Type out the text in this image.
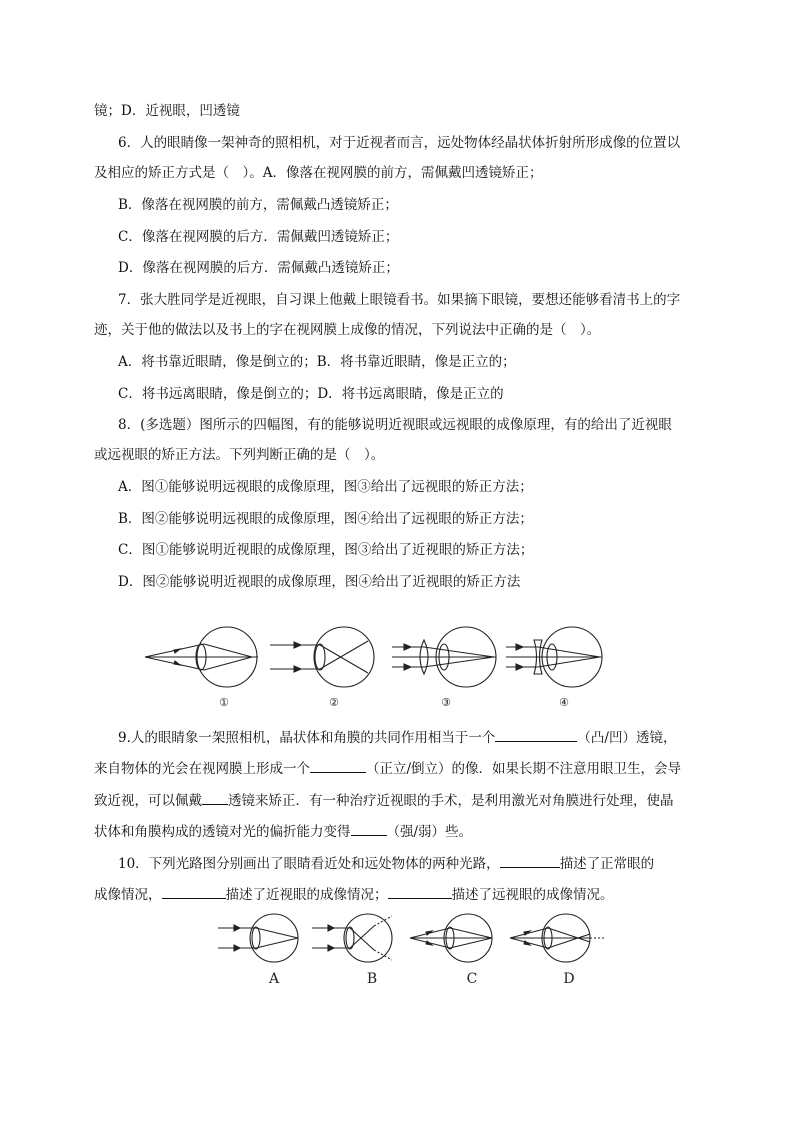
镜；D．近视眼，凹透镜
6．人的眼睛像一架神奇的照相机，对于近视者而言，远处物体经晶状体折射所形成像的位置以
及相应的矫正方式是（　）。A．像落在视网膜的前方，需佩戴凹透镜矫正；
B．像落在视网膜的前方，需佩戴凸透镜矫正；
C．像落在视网膜的后方．需佩戴凹透镜矫正；
D．像落在视网膜的后方．需佩戴凸透镜矫正；
7．张大胜同学是近视眼，自习课上他戴上眼镜看书。如果摘下眼镜，要想还能够看清书上的字
迹，关于他的做法以及书上的字在视网膜上成像的情况，下列说法中正确的是（　）。
A．将书靠近眼睛，像是倒立的；B．将书靠近眼睛，像是正立的；
C．将书远离眼睛，像是倒立的；D．将书远离眼睛，像是正立的
8．(多选题）图所示的四幅图，有的能够说明近视眼或远视眼的成像原理，有的给出了近视眼
或远视眼的矫正方法。下列判断正确的是（　）。
A．图①能够说明远视眼的成像原理，图③给出了远视眼的矫正方法；
B．图②能够说明远视眼的成像原理，图④给出了远视眼的矫正方法；
C．图①能够说明近视眼的成像原理，图③给出了近视眼的矫正方法；
D．图②能够说明近视眼的成像原理，图④给出了近视眼的矫正方法
①	②	③	④
9.人的眼睛象一架照相机，晶状体和角膜的共同作用相当于一个	（凸/凹）透镜，
来自物体的光会在视网膜上形成一个	（正立/倒立）的像．如果长期不注意用眼卫生，会导
致近视，可以佩戴 透镜来矫正．有一种治疗近视眼的手术，是利用激光对角膜进行处理，使晶
状体和角膜构成的透镜对光的偏折能力变得	（强/弱）些。
10．下列光路图分别画出了眼睛看近处和远处物体的两种光路，	描述了正常眼的
成像情况，	描述了近视眼的成像情况；	描述了远视眼的成像情况。
A	B	C	D
